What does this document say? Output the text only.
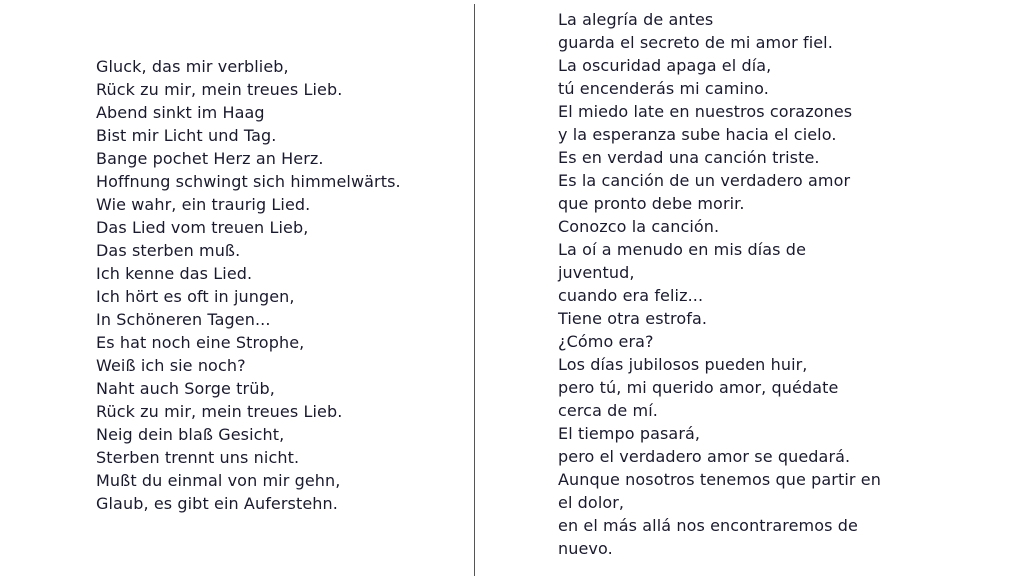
Gluck, das mir verblieb,
Rück zu mir, mein treues Lieb.
Abend sinkt im Haag
Bist mir Licht und Tag.
Bange pochet Herz an Herz.
Hoffnung schwingt sich himmelwärts.
Wie wahr, ein traurig Lied.
Das Lied vom treuen Lieb,
Das sterben muß.
Ich kenne das Lied.
Ich hört es oft in jungen,
In Schöneren Tagen...
Es hat noch eine Strophe,
Weiß ich sie noch?
Naht auch Sorge trüb,
Rück zu mir, mein treues Lieb.
Neig dein blaß Gesicht,
Sterben trennt uns nicht.
Mußt du einmal von mir gehn,
Glaub, es gibt ein Auferstehn.
La alegría de antes
guarda el secreto de mi amor fiel.
La oscuridad apaga el día,
tú encenderás mi camino.
El miedo late en nuestros corazones
y la esperanza sube hacia el cielo.
Es en verdad una canción triste.
Es la canción de un verdadero amor
que pronto debe morir.
Conozco la canción.
La oí a menudo en mis días de
juventud,
cuando era feliz...
Tiene otra estrofa.
¿Cómo era?
Los días jubilosos pueden huir,
pero tú, mi querido amor, quédate
cerca de mí.
El tiempo pasará,
pero el verdadero amor se quedará.
Aunque nosotros tenemos que partir en
el dolor,
en el más allá nos encontraremos de
nuevo.
